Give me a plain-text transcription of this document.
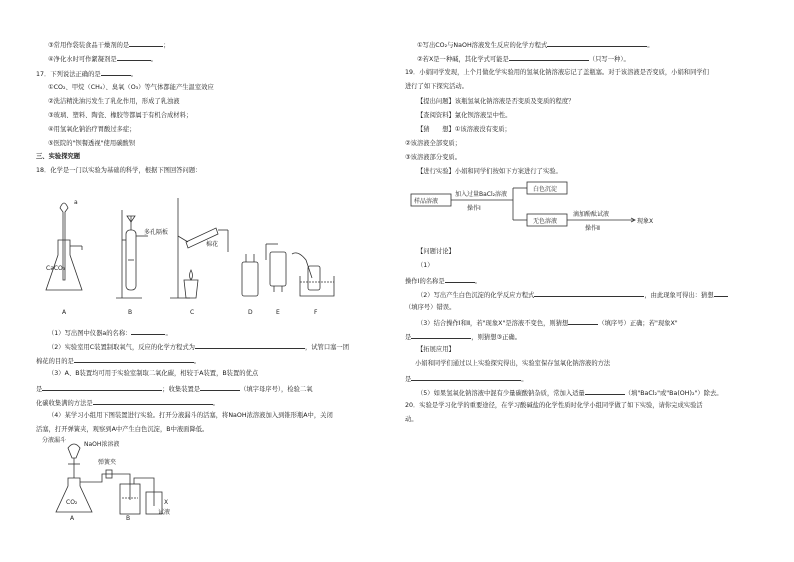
③常用作袋装食品干燥剂的是	；
④净化水时可作絮凝剂是	。
17．下列说法正确的是	。
①CO₂、甲烷（CH₄）、臭氧（O₃）等气体都能产生温室效应
②洗洁精洗油污发生了乳化作用，形成了乳浊液
③玻璃、塑料、陶瓷、橡胶等都属于有机合成材料；
④用氢氧化钠治疗胃酸过多症；
⑤医院的"钡餐透视"使用碳酸钡
三、实验探究题
18．化学是一门以实验为基础的科学，根据下图回答问题：
CaCO₃
a
多孔隔板
棉花
A	B	C	D	E	F
（1）写出图中仪器a的名称：	。
（2）实验室用C装置制取氧气，反应的化学方程式为	，试管口塞一团
棉花的目的是	。
（3）A、B装置均可用于实验室制取二氧化碳，相较于A装置，B装置的优点
是	；收集装置是	（填字母序号），检验二氧
化碳收集满的方法是	。
（4）某学习小组用下图装置进行实验。打开分液漏斗的活塞，将NaOH浓溶液加入到锥形瓶A中，关闭
活塞，打开弹簧夹，观察到A中产生白色沉淀，B中液面降低。
分液漏斗
NaOH浓溶液
弹簧夹
CO₂
A	B
X
试液
①写出CO₂与NaOH溶液发生反应的化学方程式	。
②若X是一种碱，其化学式可能是	（只写一种）。
19．小娟同学发现，上个月做化学实验用的氢氧化钠溶液忘记了盖瓶塞。对于该溶液是否变质，小娟和同学们
进行了如下探究活动。
【提出问题】该瓶氢氧化钠溶液是否变质及变质的程度？
【查阅资料】氯化钡溶液呈中性。
【猜　　想】①该溶液没有变质；
②该溶液全部变质；
③该溶液部分变质。
【进行实验】小娟和同学们按如下方案进行了实验。
样品溶液
加入过量BaCl₂溶液
操作Ⅰ
白色沉淀
无色溶液
滴加酚酞试液
操作Ⅱ
现象X
【问题讨论】
（1）
操作Ⅰ的名称是	。
（2）写出产生白色沉淀的化学反应方程式	，由此现象可得出：猜想
（填序号）错误。
（3）结合操作Ⅰ和Ⅱ，若"现象X"是溶液不变色，则猜想	（填序号）正确；若"现象X"
是	，则猜想③正确。
【拓展应用】
小娟和同学们通过以上实验探究得出，实验室保存氢氧化钠溶液的方法
是	。
（5）如果氢氧化钠溶液中混有少量碳酸钠杂质，常加入适量	（填"BaCl₂"或"Ba(OH)₂"）除去。
20．实验是学习化学的重要途径，在学习酸碱盐的化学性质时化学小组同学做了如下实验，请你完成实验活
动。
